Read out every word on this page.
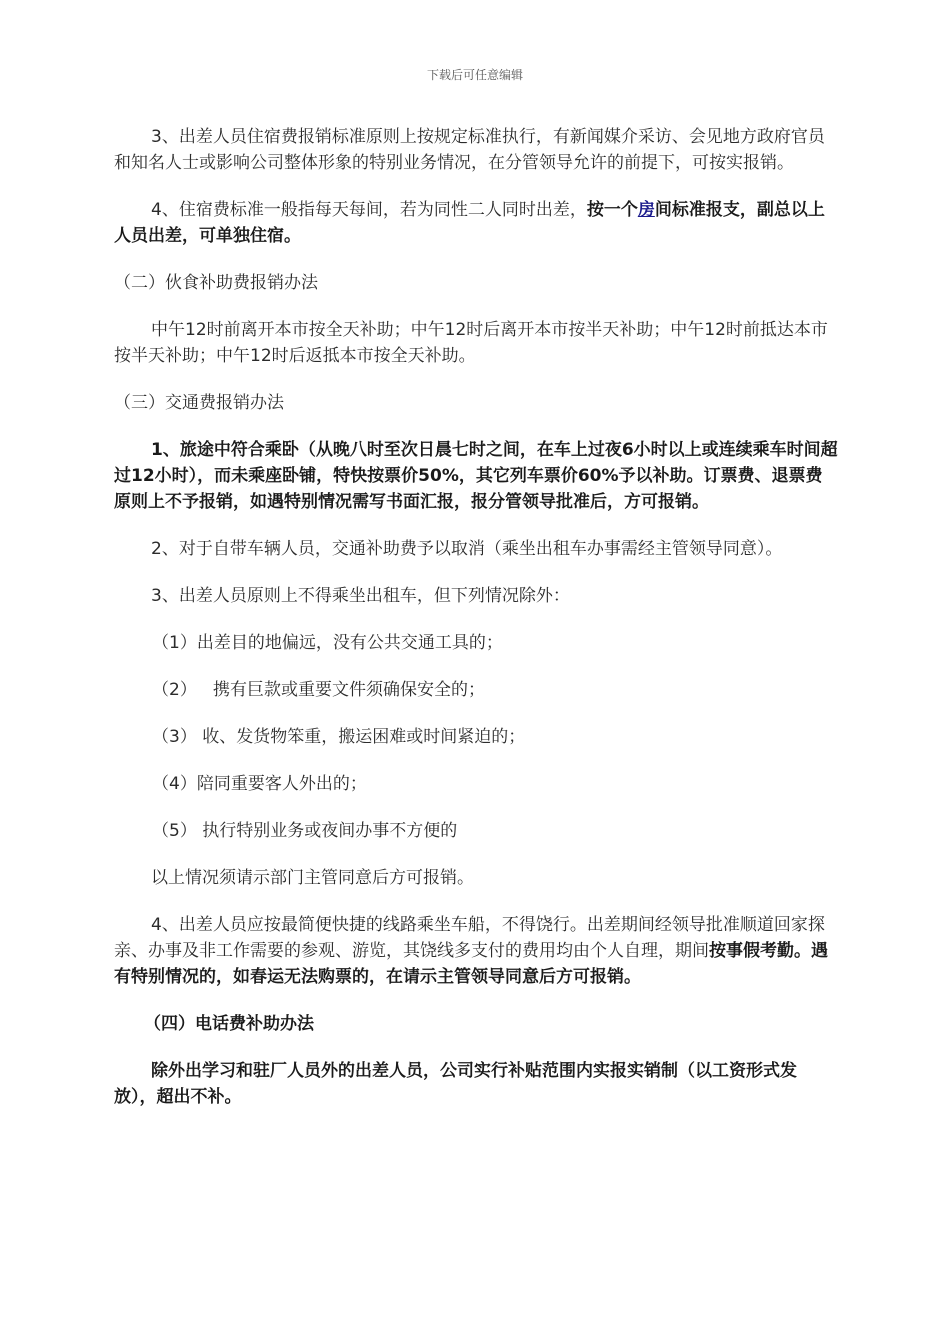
下载后可任意编辑

3、出差人员住宿费报销标准原则上按规定标准执行，有新闻媒介采访、会见地方政府官员和知名人士或影响公司整体形象的特别业务情况，在分管领导允许的前提下，可按实报销。

4、住宿费标准一般指每天每间，若为同性二人同时出差，按一个房间标准报支，副总以上人员出差，可单独住宿。

（二）伙食补助费报销办法

中午12时前离开本市按全天补助；中午12时后离开本市按半天补助；中午12时前抵达本市按半天补助；中午12时后返抵本市按全天补助。

（三）交通费报销办法

1、旅途中符合乘卧（从晚八时至次日晨七时之间，在车上过夜6小时以上或连续乘车时间超过12小时），而未乘座卧铺，特快按票价50%，其它列车票价60%予以补助。订票费、退票费原则上不予报销，如遇特别情况需写书面汇报，报分管领导批准后，方可报销。

2、对于自带车辆人员，交通补助费予以取消（乘坐出租车办事需经主管领导同意）。

3、出差人员原则上不得乘坐出租车，但下列情况除外：

（1）出差目的地偏远，没有公共交通工具的；

（2）   携有巨款或重要文件须确保安全的；

（3） 收、发货物笨重，搬运困难或时间紧迫的；

（4）陪同重要客人外出的；

（5） 执行特别业务或夜间办事不方便的

以上情况须请示部门主管同意后方可报销。

4、出差人员应按最简便快捷的线路乘坐车船，不得饶行。出差期间经领导批准顺道回家探亲、办事及非工作需要的参观、游览，其饶线多支付的费用均由个人自理，期间按事假考勤。遇有特别情况的，如春运无法购票的，在请示主管领导同意后方可报销。

（四）电话费补助办法

除外出学习和驻厂人员外的出差人员，公司实行补贴范围内实报实销制（以工资形式发放），超出不补。
